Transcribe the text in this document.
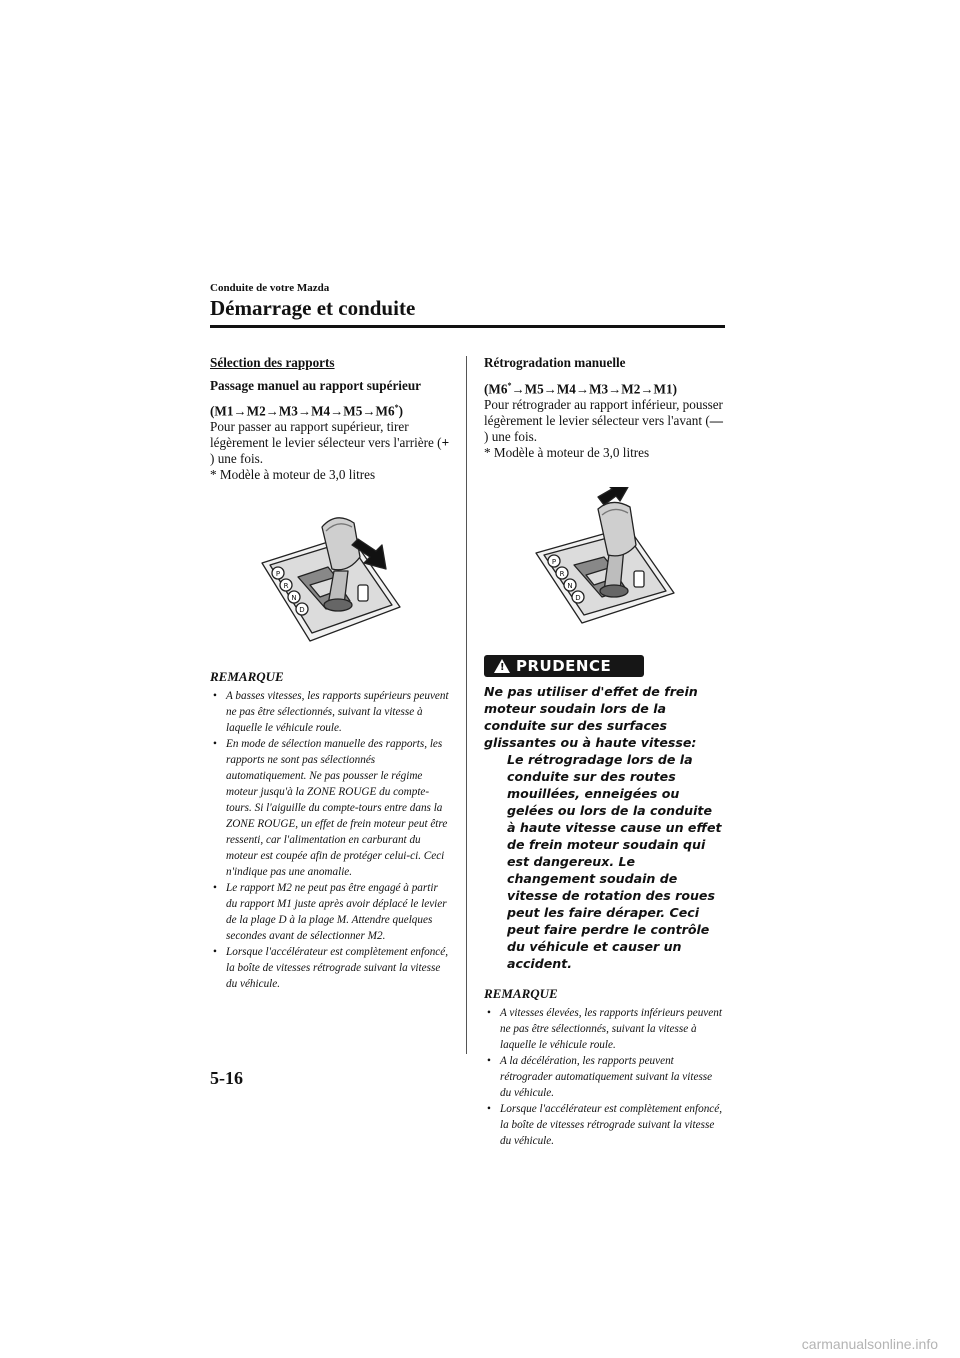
Conduite de votre Mazda
Démarrage et conduite

Sélection des rapports

Passage manuel au rapport supérieur

(M1→M2→M3→M4→M5→M6*)

Pour passer au rapport supérieur, tirer légèrement le levier sélecteur vers l'arrière (+ ) une fois.

* Modèle à moteur de 3,0 litres

P
R
N
D

REMARQUE

• A basses vitesses, les rapports supérieurs peuvent ne pas être sélectionnés, suivant la vitesse à laquelle le véhicule roule.
• En mode de sélection manuelle des rapports, les rapports ne sont pas sélectionnés automatiquement. Ne pas pousser le régime moteur jusqu'à la ZONE ROUGE du compte-tours. Si l'aiguille du compte-tours entre dans la ZONE ROUGE, un effet de frein moteur peut être ressenti, car l'alimentation en carburant du moteur est coupée afin de protéger celui-ci. Ceci n'indique pas une anomalie.
• Le rapport M2 ne peut pas être engagé à partir du rapport M1 juste après avoir déplacé le levier de la plage D à la plage M. Attendre quelques secondes avant de sélectionner M2.
• Lorsque l'accélérateur est complètement enfoncé, la boîte de vitesses rétrograde suivant la vitesse du véhicule.

Rétrogradation manuelle

(M6*→M5→M4→M3→M2→M1)

Pour rétrograder au rapport inférieur, pousser légèrement le levier sélecteur vers l'avant (— ) une fois.

* Modèle à moteur de 3,0 litres

P
R
N
D
!
PRUDENCE

Ne pas utiliser d'effet de frein moteur soudain lors de la conduite sur des surfaces glissantes ou à haute vitesse:

Le rétrogradage lors de la conduite sur des routes mouillées, enneigées ou gelées ou lors de la conduite à haute vitesse cause un effet de frein moteur soudain qui est dangereux. Le changement soudain de vitesse de rotation des roues peut les faire déraper. Ceci peut faire perdre le contrôle du véhicule et causer un accident.

REMARQUE

• A vitesses élevées, les rapports inférieurs peuvent ne pas être sélectionnés, suivant la vitesse à laquelle le véhicule roule.
• A la décélération, les rapports peuvent rétrograder automatiquement suivant la vitesse du véhicule.
• Lorsque l'accélérateur est complètement enfoncé, la boîte de vitesses rétrograde suivant la vitesse du véhicule.
5-16
carmanualsonline.info
